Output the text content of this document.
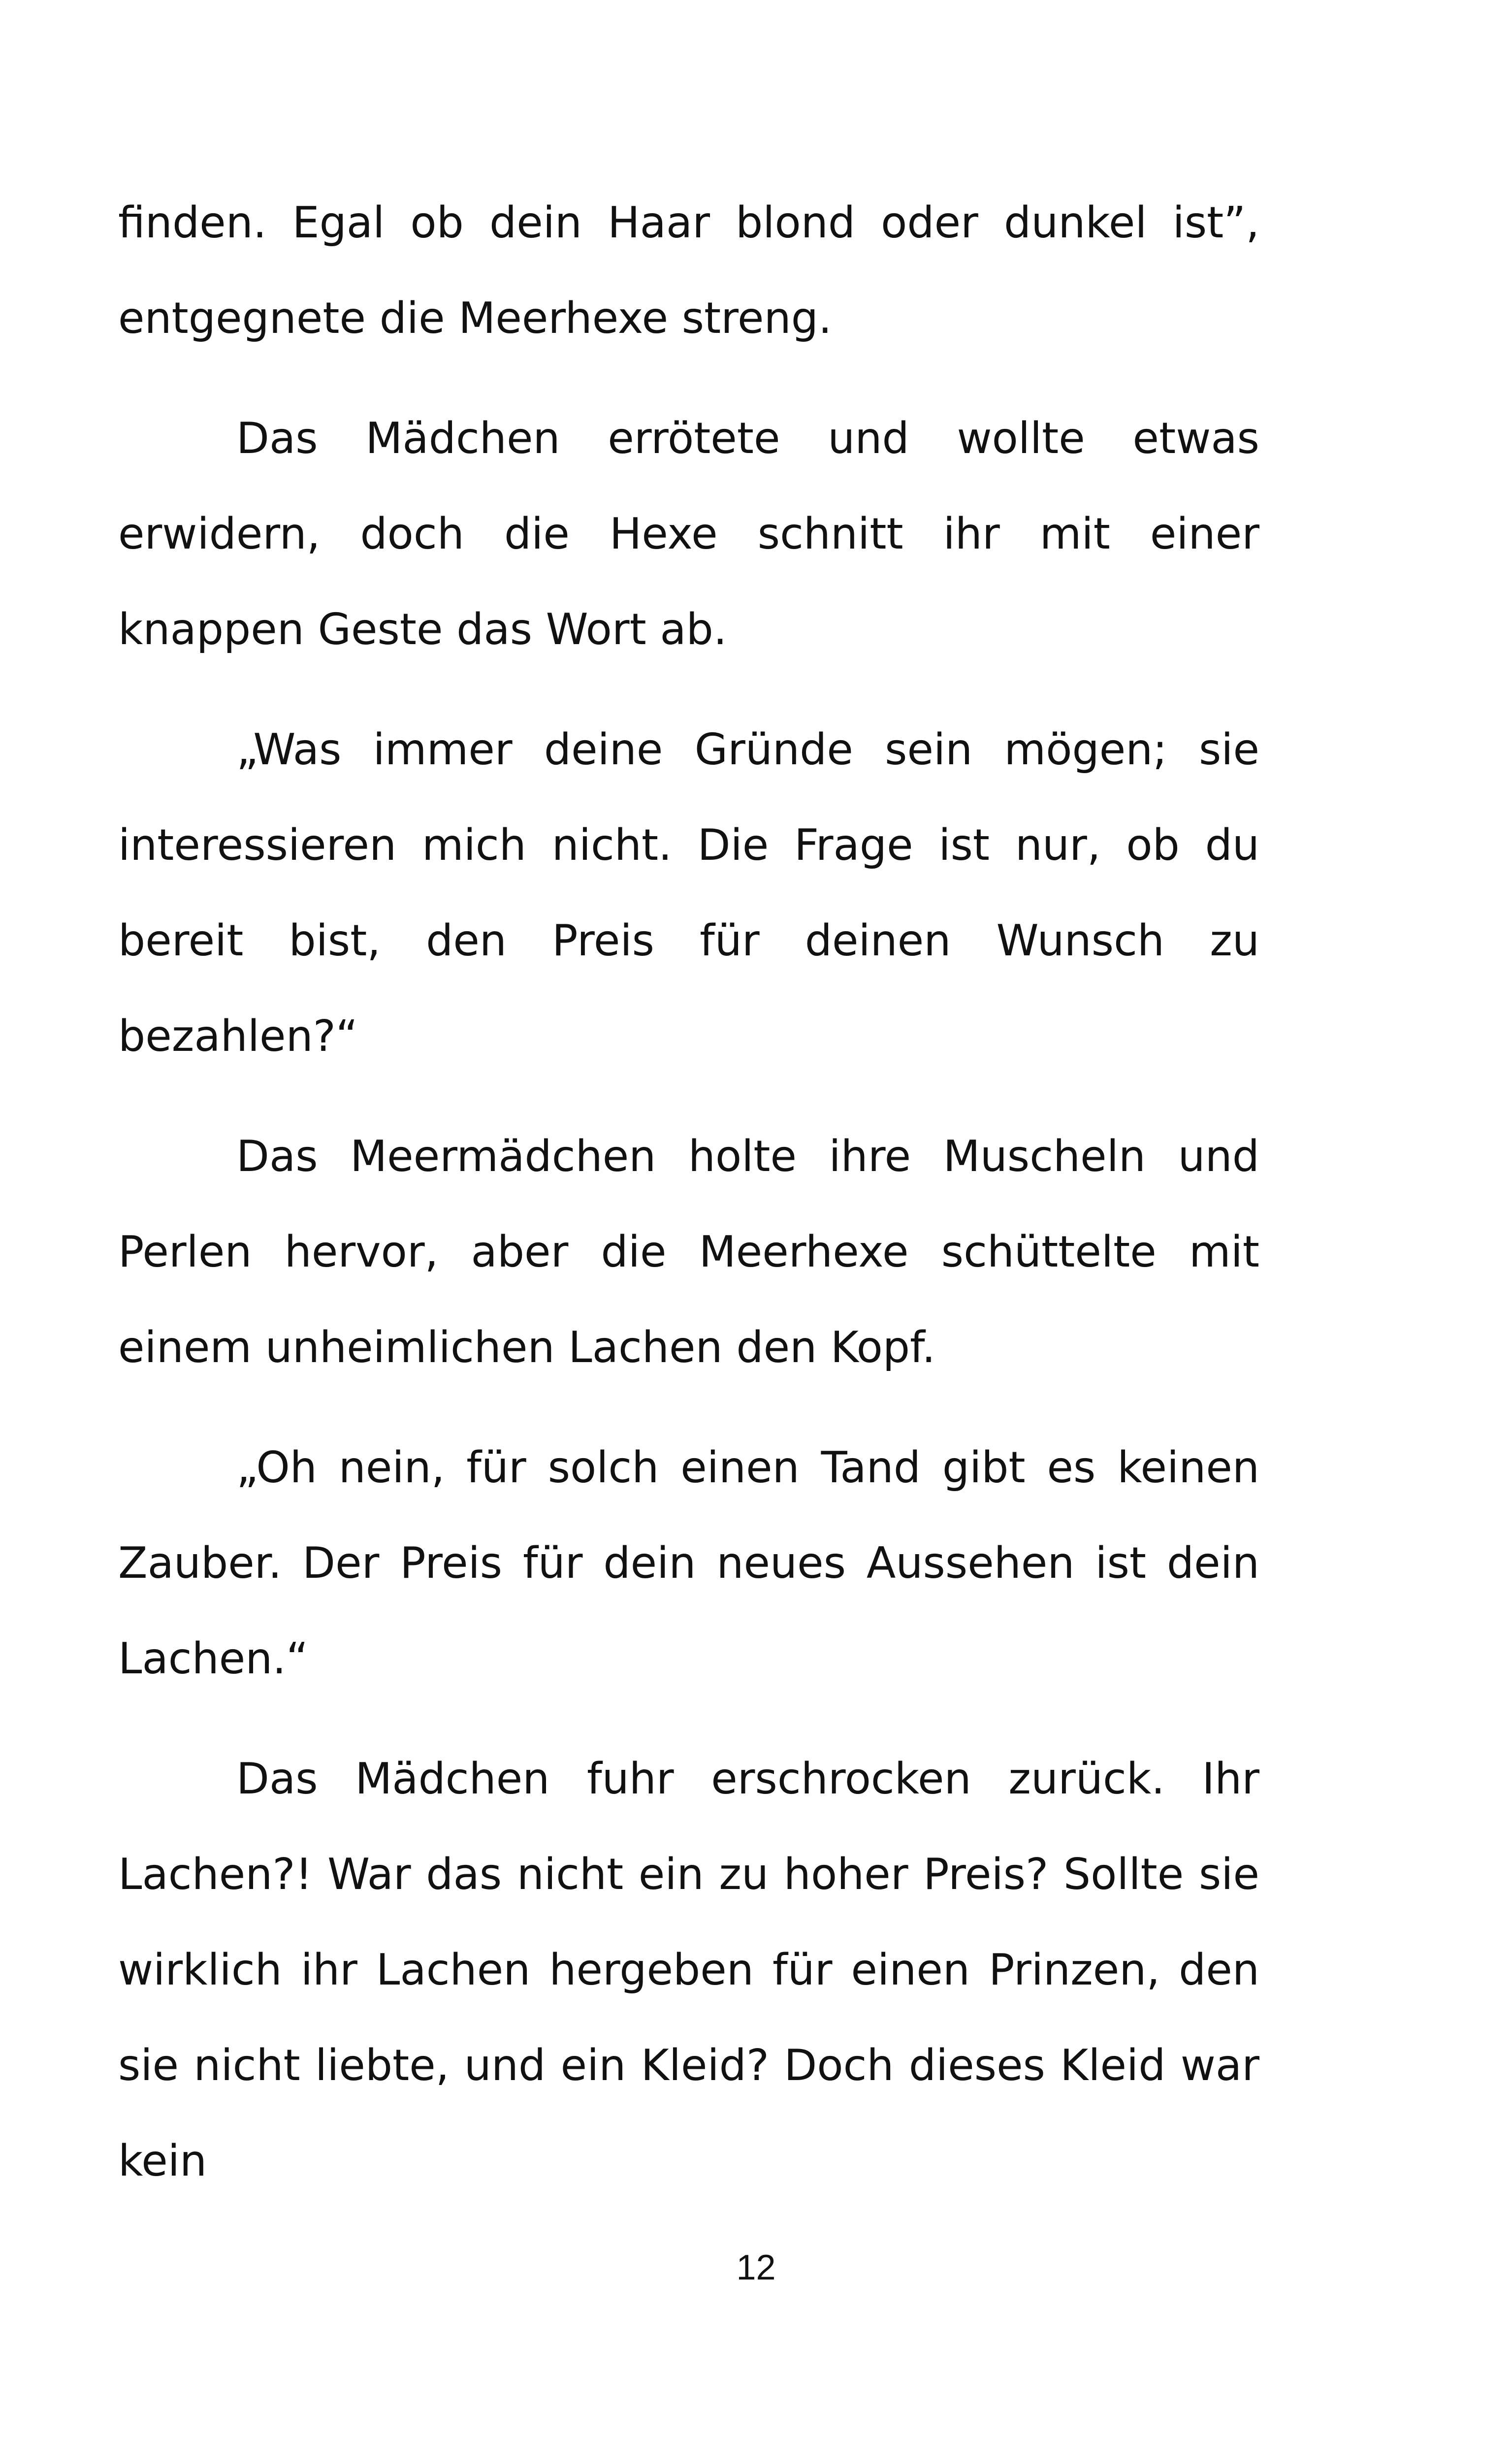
finden. Egal ob dein Haar blond oder dunkel ist”, entgegnete die Meerhexe streng.

Das Mädchen errötete und wollte etwas erwidern, doch die Hexe schnitt ihr mit einer knappen Geste das Wort ab.

„Was immer deine Gründe sein mögen; sie interessieren mich nicht. Die Frage ist nur, ob du bereit bist, den Preis für deinen Wunsch zu bezahlen?“

Das Meermädchen holte ihre Muscheln und Perlen hervor, aber die Meerhexe schüttelte mit einem unheimlichen Lachen den Kopf.

„Oh nein, für solch einen Tand gibt es keinen Zauber. Der Preis für dein neues Aussehen ist dein Lachen.“

Das Mädchen fuhr erschrocken zurück. Ihr Lachen?! War das nicht ein zu hoher Preis? Sollte sie wirklich ihr Lachen hergeben für einen Prinzen, den sie nicht liebte, und ein Kleid? Doch dieses Kleid war kein

12
